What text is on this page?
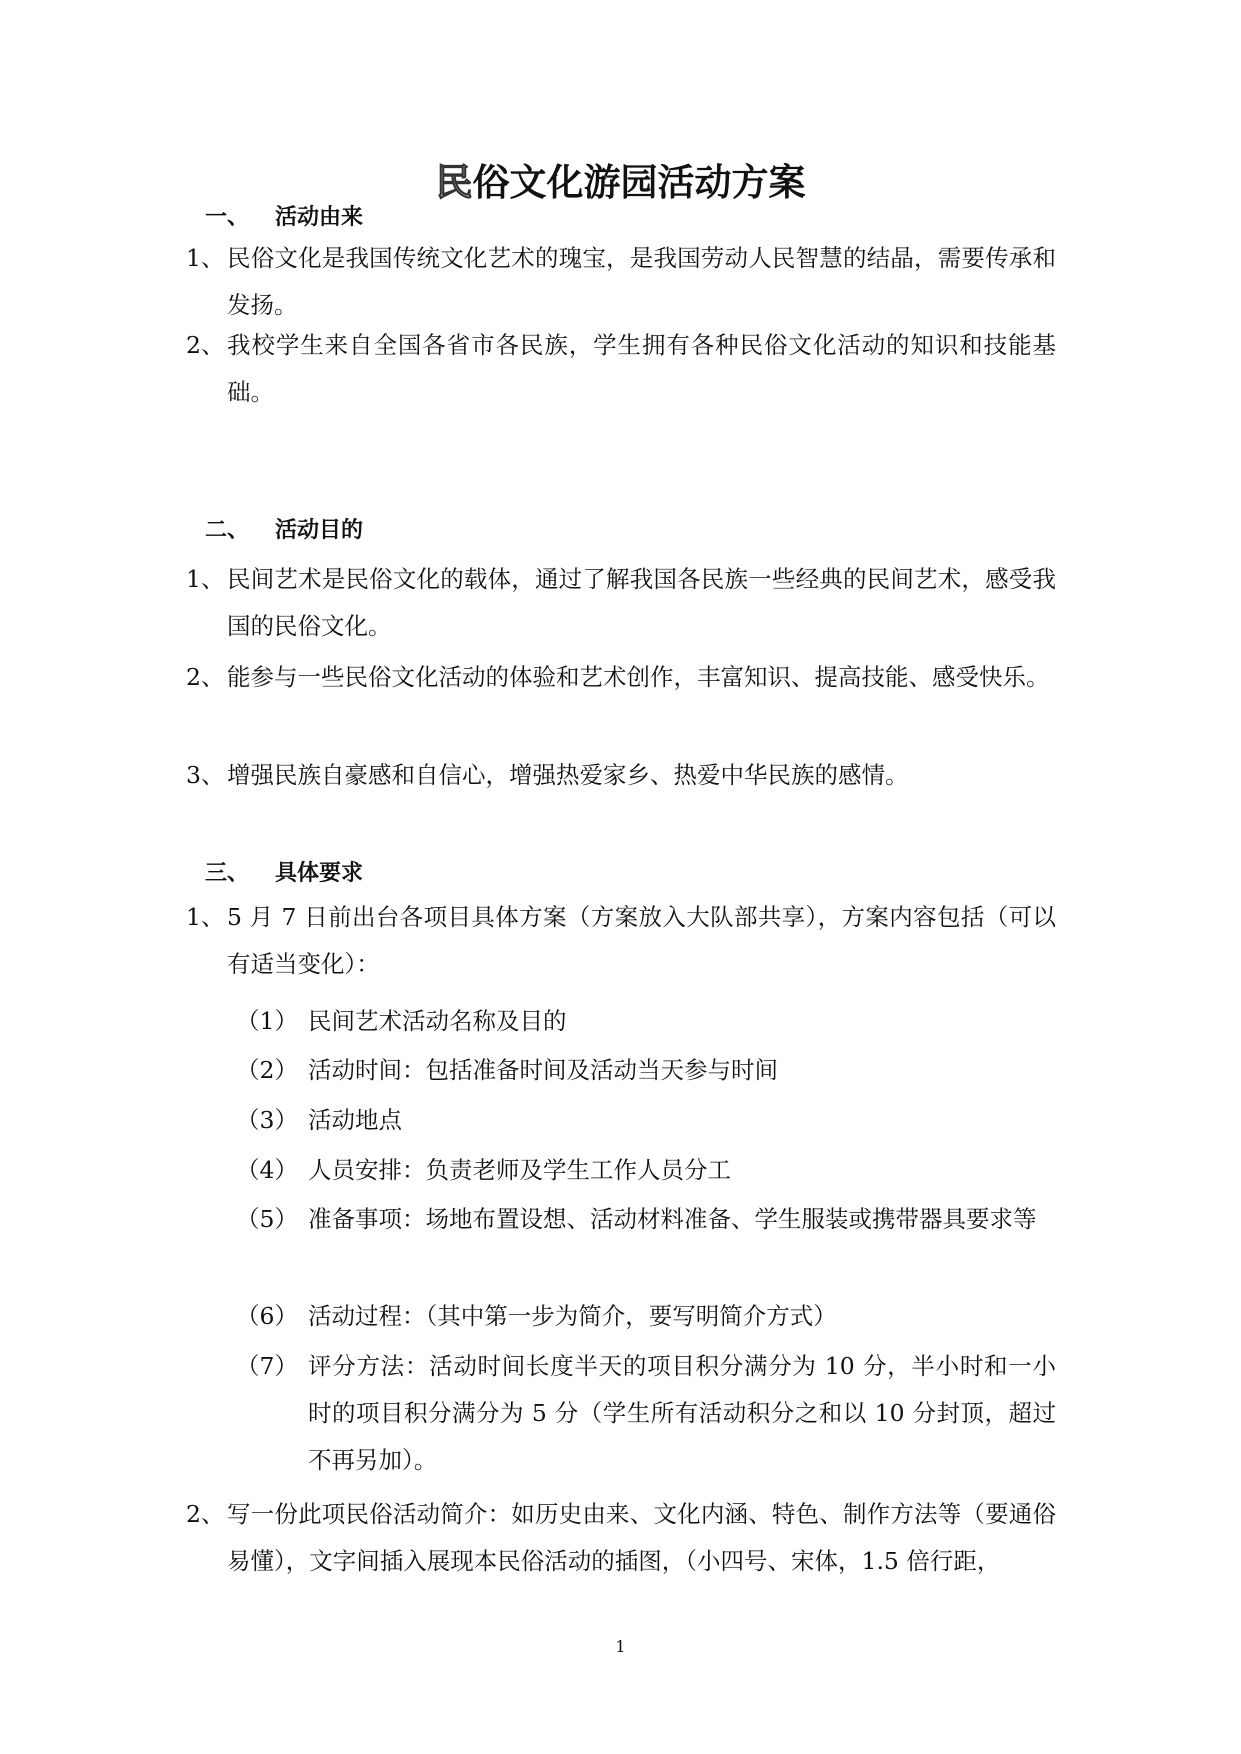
民俗文化游园活动方案
一、 活动由来
1、 民俗文化是我国传统文化艺术的瑰宝，是我国劳动人民智慧的结晶，需要传承和发扬。
2、 我校学生来自全国各省市各民族，学生拥有各种民俗文化活动的知识和技能基础。
二、 活动目的
1、 民间艺术是民俗文化的载体，通过了解我国各民族一些经典的民间艺术，感受我国的民俗文化。
2、 能参与一些民俗文化活动的体验和艺术创作，丰富知识、提高技能、感受快乐。
3、 增强民族自豪感和自信心，增强热爱家乡、热爱中华民族的感情。
三、 具体要求
1、 5 月 7 日前出台各项目具体方案（方案放入大队部共享），方案内容包括（可以有适当变化）：
（1） 民间艺术活动名称及目的
（2） 活动时间：包括准备时间及活动当天参与时间
（3） 活动地点
（4） 人员安排：负责老师及学生工作人员分工
（5） 准备事项：场地布置设想、活动材料准备、学生服装或携带器具要求等
（6） 活动过程：（其中第一步为简介，要写明简介方式）
（7） 评分方法：活动时间长度半天的项目积分满分为 10 分，半小时和一小时的项目积分满分为 5 分（学生所有活动积分之和以 10 分封顶，超过不再另加）。
2、 写一份此项民俗活动简介：如历史由来、文化内涵、特色、制作方法等（要通俗易懂），文字间插入展现本民俗活动的插图，（小四号、宋体，1.5 倍行距，
1
